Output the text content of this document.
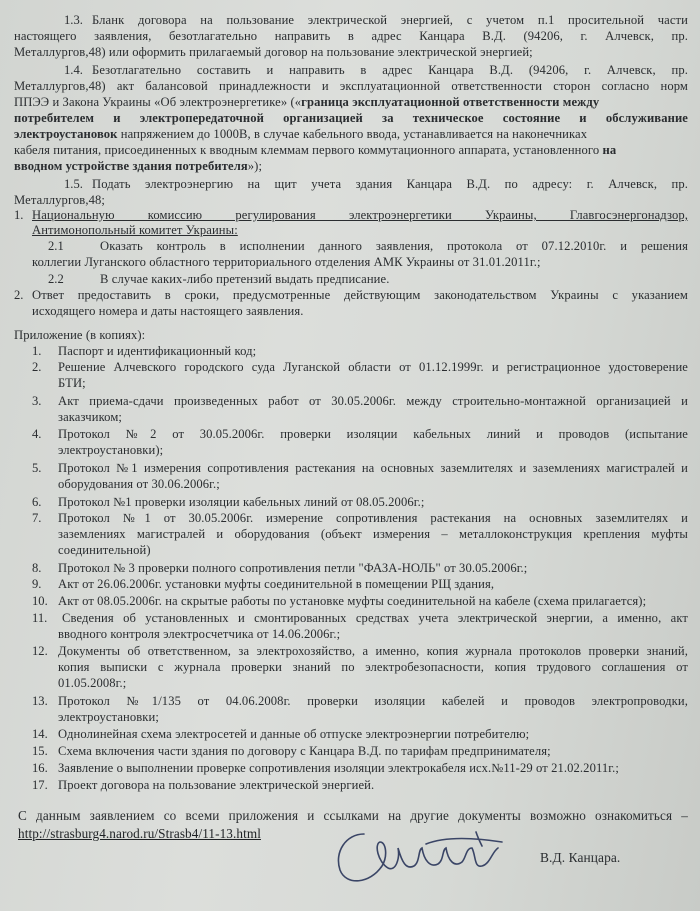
1.3. Бланк договора на пользование электрической энергией, с учетом п.1 просительной части
настоящего заявления, безотлагательно направить в адрес Канцара В.Д. (94206, г. Алчевск, пр.
Металлургов,48) или оформить прилагаемый договор на пользование электрической энергией;
1.4. Безотлагательно составить и направить в адрес Канцара В.Д. (94206, г. Алчевск, пр.
Металлургов,48) акт балансовой принадлежности и эксплуатационной ответственности сторон согласно норм
ППЭЭ и Закона Украины «Об электроэнергетике» («граница эксплуатационной ответственности между
потребителем и электропередаточной организацией за техническое состояние и обслуживание
электроустановок напряжением до 1000В, в случае кабельного ввода, устанавливается на наконечниках
кабеля питания, присоединенных к вводным клеммам первого коммутационного аппарата, установленного на
вводном устройстве здания потребителя»);
1.5. Подать электроэнергию на щит учета здания Канцара В.Д. по адресу: г. Алчевск, пр.
Металлургов,48;
1. Национальную комиссию регулирования электроэнергетики Украины, Главгосэнергонадзор,
Антимонопольный комитет Украины:
2.1	Оказать контроль в исполнении данного заявления, протокола от 07.12.2010г. и решения
коллегии Луганского областного территориального отделения АМК Украины от 31.01.2011г.;
2.2	В случае каких-либо претензий выдать предписание.
2. Ответ предоставить в сроки, предусмотренные действующим законодательством Украины с указанием
исходящего номера и даты настоящего заявления.
Приложение (в копиях):
1. Паспорт и идентификационный код;
2. Решение Алчевского городского суда Луганской области от 01.12.1999г. и регистрационное удостоверение
БТИ;
3. Акт приема-сдачи произведенных работ от 30.05.2006г. между строительно-монтажной организацией и
заказчиком;
4. Протокол №2 от 30.05.2006г. проверки изоляции кабельных линий и проводов (испытание
электроустановки);
5. Протокол №1 измерения сопротивления растекания на основных заземлителях и заземлениях магистралей и
оборудования от 30.06.2006г.;
6. Протокол №1 проверки изоляции кабельных линий от 08.05.2006г.;
7. Протокол №1 от 30.05.2006г. измерение сопротивления растекания на основных заземлителях и
заземлениях магистралей и оборудования (объект измерения – металлоконструкция крепления муфты
соединительной)
8. Протокол № 3 проверки полного сопротивления петли "ФАЗА-НОЛЬ" от 30.05.2006г.;
9. Акт от 26.06.2006г. установки муфты соединительной в помещении РЩ здания,
10. Акт от 08.05.2006г. на скрытые работы по установке муфты соединительной на кабеле (схема прилагается);
11. Сведения об установленных и смонтированных средствах учета электрической энергии, а именно, акт
вводного контроля электросчетчика от 14.06.2006г.;
12. Документы об ответственном, за электрохозяйство, а именно, копия журнала протоколов проверки знаний,
копия выписки с журнала проверки знаний по электробезопасности, копия трудового соглашения от
01.05.2008г.;
13. Протокол №1/135 от 04.06.2008г. проверки изоляции кабелей и проводов электропроводки,
электроустановки;
14. Однолинейная схема электросетей и данные об отпуске электроэнергии потребителю;
15. Схема включения части здания по договору с Канцара В.Д. по тарифам предпринимателя;
16. Заявление о выполнении проверке сопротивления изоляции электрокабеля исх.№11-29 от 21.02.2011г.;
17. Проект договора на пользование электрической энергией.
С данным заявлением со всеми приложения и ссылками на другие документы возможно ознакомиться –
http://strasburg4.narod.ru/Strasb4/11-13.html
В.Д. Канцара.
